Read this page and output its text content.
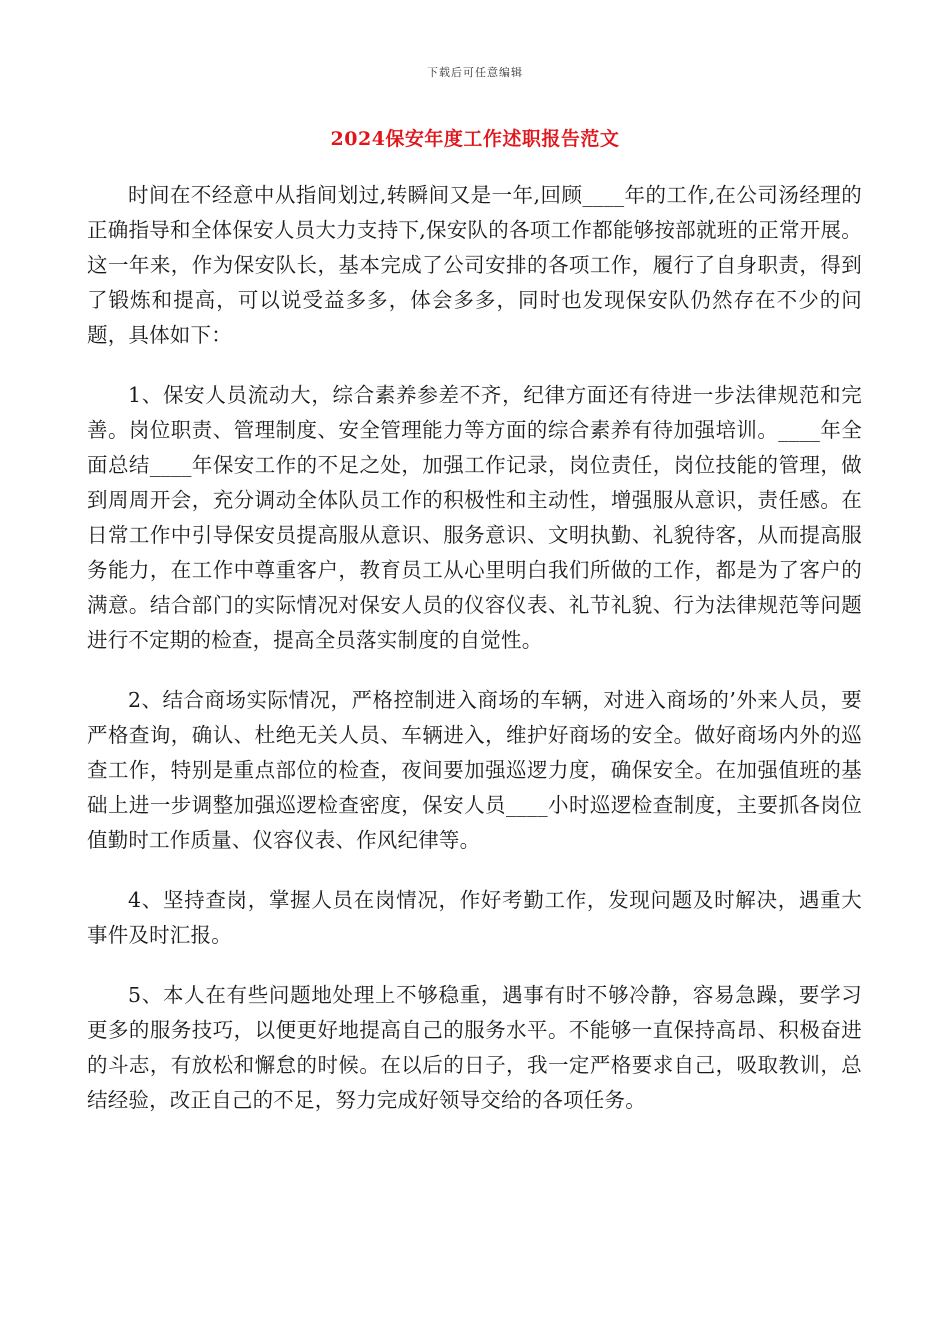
下载后可任意编辑
2024保安年度工作述职报告范文

时间在不经意中从指间划过,转瞬间又是一年,回顾____年的工作,在公司汤经理的正确指导和全体保安人员大力支持下,保安队的各项工作都能够按部就班的正常开展。这一年来，作为保安队长，基本完成了公司安排的各项工作，履行了自身职责，得到了锻炼和提高，可以说受益多多，体会多多，同时也发现保安队仍然存在不少的问题，具体如下：

1、保安人员流动大，综合素养参差不齐，纪律方面还有待进一步法律规范和完善。岗位职责、管理制度、安全管理能力等方面的综合素养有待加强培训。____年全面总结____年保安工作的不足之处，加强工作记录，岗位责任，岗位技能的管理，做到周周开会，充分调动全体队员工作的积极性和主动性，增强服从意识，责任感。在日常工作中引导保安员提高服从意识、服务意识、文明执勤、礼貌待客，从而提高服务能力，在工作中尊重客户，教育员工从心里明白我们所做的工作，都是为了客户的满意。结合部门的实际情况对保安人员的仪容仪表、礼节礼貌、行为法律规范等问题进行不定期的检查，提高全员落实制度的自觉性。

2、结合商场实际情况，严格控制进入商场的车辆，对进入商场的’外来人员，要严格查询，确认、杜绝无关人员、车辆进入，维护好商场的安全。做好商场内外的巡查工作，特别是重点部位的检查，夜间要加强巡逻力度，确保安全。在加强值班的基础上进一步调整加强巡逻检查密度，保安人员____小时巡逻检查制度，主要抓各岗位值勤时工作质量、仪容仪表、作风纪律等。

4、坚持查岗，掌握人员在岗情况，作好考勤工作，发现问题及时解决，遇重大事件及时汇报。

5、本人在有些问题地处理上不够稳重，遇事有时不够冷静，容易急躁，要学习更多的服务技巧，以便更好地提高自己的服务水平。不能够一直保持高昂、积极奋进的斗志，有放松和懈怠的时候。在以后的日子，我一定严格要求自己，吸取教训，总结经验，改正自己的不足，努力完成好领导交给的各项任务。
